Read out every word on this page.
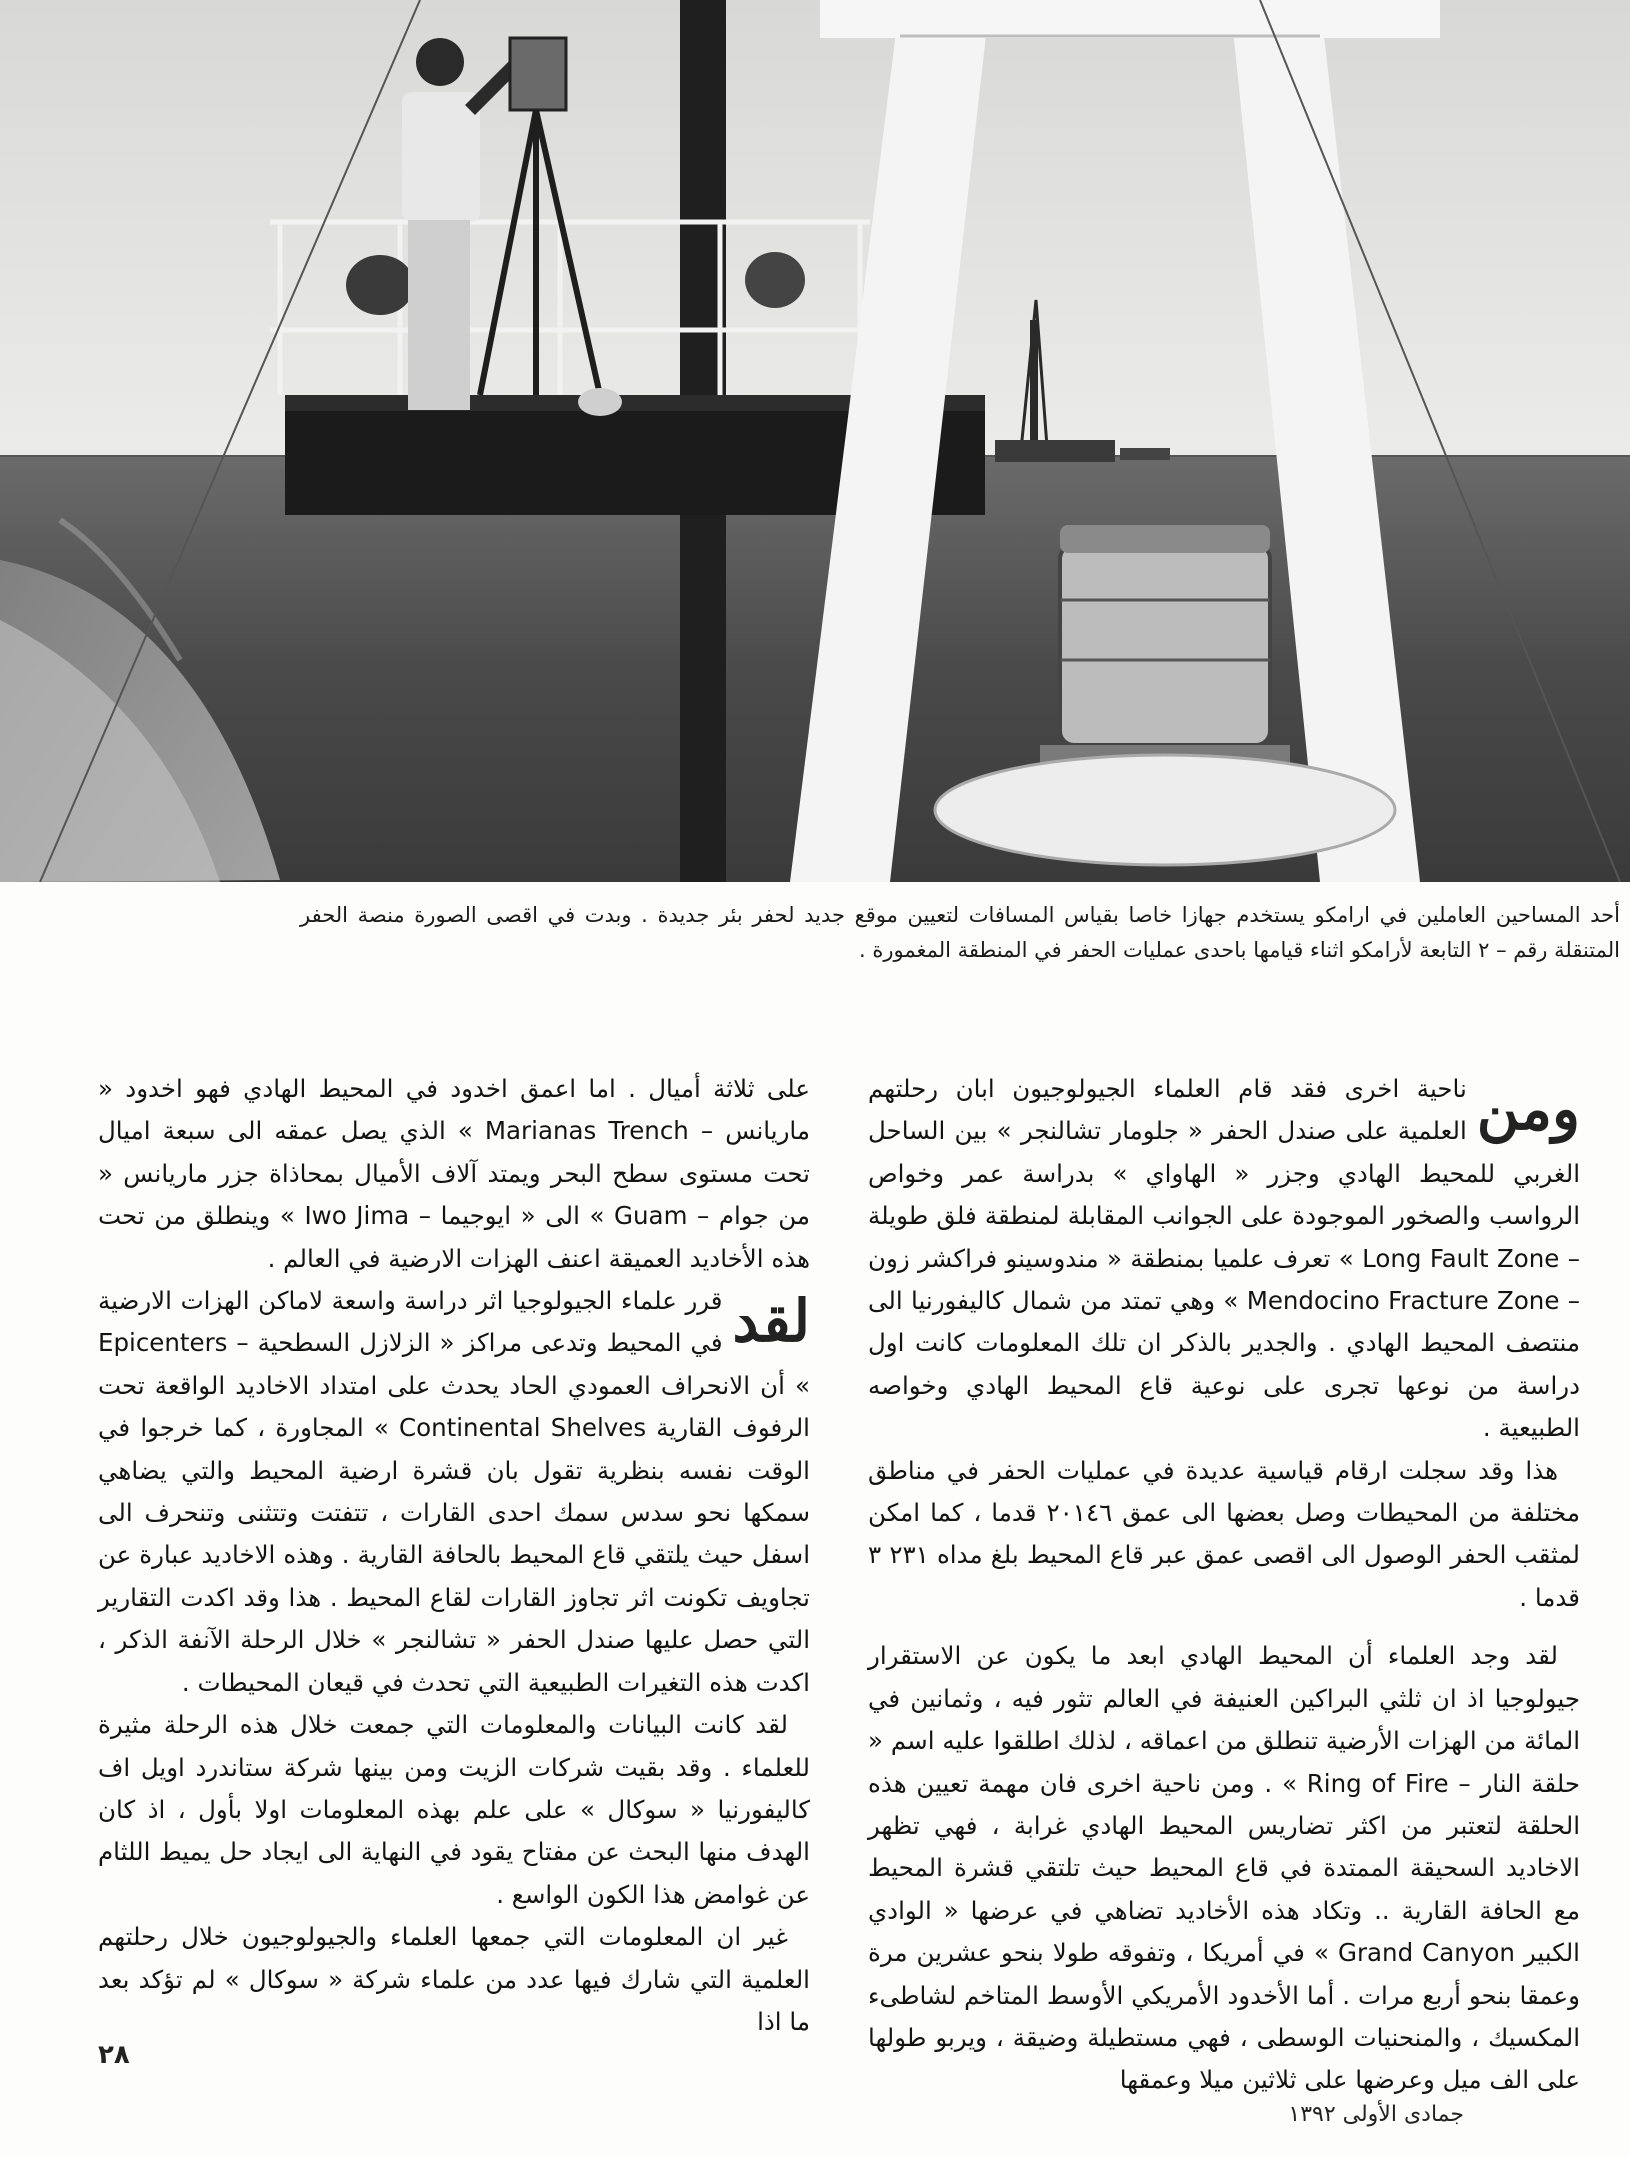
أحد المساحين العاملين في ارامكو يستخدم جهازا خاصا بقياس المسافات لتعيين موقع جديد لحفر بئر جديدة . وبدت في اقصى الصورة منصة الحفر المتنقلة رقم – ٢ التابعة لأرامكو اثناء قيامها باحدى عمليات الحفر في المنطقة المغمورة .

ومن
ناحية اخرى فقد قام العلماء الجيولوجيون ابان رحلتهم العلمية على صندل الحفر « جلومار تشالنجر » بين الساحل الغربي للمحيط الهادي وجزر « الهاواي » بدراسة عمر وخواص الرواسب والصخور الموجودة على الجوانب المقابلة لمنطقة فلق طويلة – Long Fault Zone » تعرف علميا بمنطقة « مندوسينو فراكشر زون – Mendocino Fracture Zone » وهي تمتد من شمال كاليفورنيا الى منتصف المحيط الهادي . والجدير بالذكر ان تلك المعلومات كانت اول دراسة من نوعها تجرى على نوعية قاع المحيط الهادي وخواصه الطبيعية .

هذا وقد سجلت ارقام قياسية عديدة في عمليات الحفر في مناطق مختلفة من المحيطات وصل بعضها الى عمق ٢٠١٤٦ قدما ، كما امكن لمثقب الحفر الوصول الى اقصى عمق عبر قاع المحيط بلغ مداه ٢٣١ ٣ قدما .

لقد وجد العلماء أن المحيط الهادي ابعد ما يكون عن الاستقرار جيولوجيا اذ ان ثلثي البراكين العنيفة في العالم تثور فيه ، وثمانين في المائة من الهزات الأرضية تنطلق من اعماقه ، لذلك اطلقوا عليه اسم « حلقة النار – Ring of Fire » . ومن ناحية اخرى فان مهمة تعيين هذه الحلقة لتعتبر من اكثر تضاريس المحيط الهادي غرابة ، فهي تظهر الاخاديد السحيقة الممتدة في قاع المحيط حيث تلتقي قشرة المحيط مع الحافة القارية .. وتكاد هذه الأخاديد تضاهي في عرضها « الوادي الكبير Grand Canyon » في أمريكا ، وتفوقه طولا بنحو عشرين مرة وعمقا بنحو أربع مرات . أما الأخدود الأمريكي الأوسط المتاخم لشاطىء المكسيك ، والمنحنيات الوسطى ، فهي مستطيلة وضيقة ، ويربو طولها على الف ميل وعرضها على ثلاثين ميلا وعمقها

على ثلاثة أميال . اما اعمق اخدود في المحيط الهادي فهو اخدود « ماريانس – Marianas Trench » الذي يصل عمقه الى سبعة اميال تحت مستوى سطح البحر ويمتد آلاف الأميال بمحاذاة جزر ماريانس « من جوام – Guam » الى « ايوجيما – Iwo Jima » وينطلق من تحت هذه الأخاديد العميقة اعنف الهزات الارضية في العالم .

لقد
قرر علماء الجيولوجيا اثر دراسة واسعة لاماكن الهزات الارضية في المحيط وتدعى مراكز « الزلازل السطحية – Epicenters » أن الانحراف العمودي الحاد يحدث على امتداد الاخاديد الواقعة تحت الرفوف القارية Continental Shelves » المجاورة ، كما خرجوا في الوقت نفسه بنظرية تقول بان قشرة ارضية المحيط والتي يضاهي سمكها نحو سدس سمك احدى القارات ، تتفتت وتتثنى وتنحرف الى اسفل حيث يلتقي قاع المحيط بالحافة القارية . وهذه الاخاديد عبارة عن تجاويف تكونت اثر تجاوز القارات لقاع المحيط . هذا وقد اكدت التقارير التي حصل عليها صندل الحفر « تشالنجر » خلال الرحلة الآنفة الذكر ، اكدت هذه التغيرات الطبيعية التي تحدث في قيعان المحيطات .

لقد كانت البيانات والمعلومات التي جمعت خلال هذه الرحلة مثيرة للعلماء . وقد بقيت شركات الزيت ومن بينها شركة ستاندرد اويل اف كاليفورنيا « سوكال » على علم بهذه المعلومات اولا بأول ، اذ كان الهدف منها البحث عن مفتاح يقود في النهاية الى ايجاد حل يميط اللثام عن غوامض هذا الكون الواسع .

غير ان المعلومات التي جمعها العلماء والجيولوجيون خلال رحلتهم العلمية التي شارك فيها عدد من علماء شركة « سوكال » لم تؤكد بعد ما اذا

٢٨
جمادى الأولى ١٣٩٢
